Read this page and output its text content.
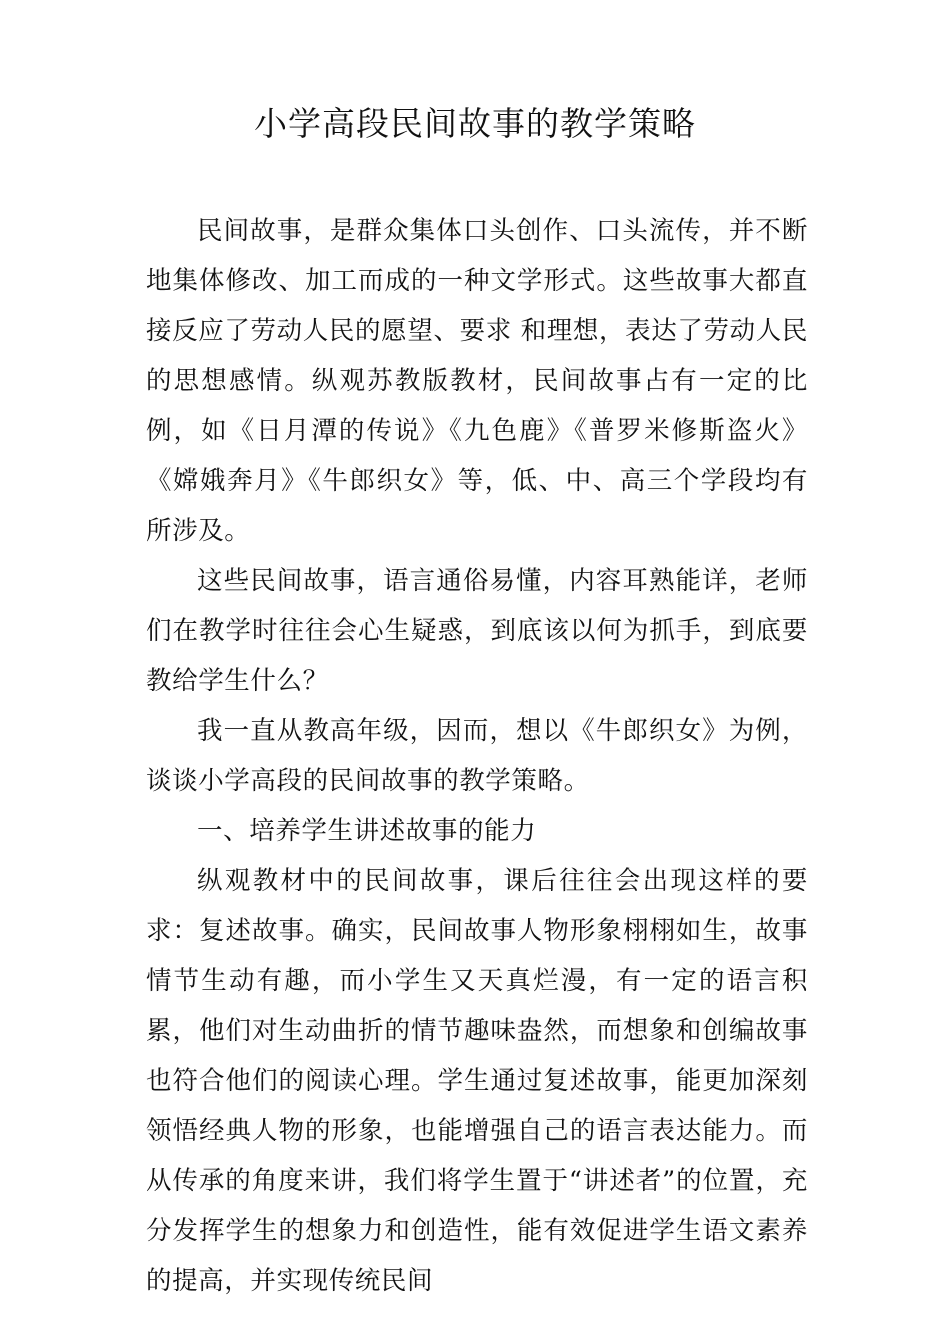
小学高段民间故事的教学策略

民间故事，是群众集体口头创作、口头流传，并不断地集体修改、加工而成的一种文学形式。这些故事大都直接反应了劳动人民的愿望、要求 和理想，表达了劳动人民的思想感情。纵观苏教版教材，民间故事占有一定的比例，如《日月潭的传说》《九色鹿》《普罗米修斯盗火》《嫦娥奔月》《牛郎织女》等，低、中、高三个学段均有所涉及。

这些民间故事，语言通俗易懂，内容耳熟能详，老师们在教学时往往会心生疑惑，到底该以何为抓手，到底要教给学生什么？

我一直从教高年级，因而，想以《牛郎织女》为例，谈谈小学高段的民间故事的教学策略。

一、培养学生讲述故事的能力

纵观教材中的民间故事，课后往往会出现这样的要求：复述故事。确实，民间故事人物形象栩栩如生，故事情节生动有趣，而小学生又天真烂漫，有一定的语言积累，他们对生动曲折的情节趣味盎然，而想象和创编故事也符合他们的阅读心理。学生通过复述故事，能更加深刻领悟经典人物的形象，也能增强自己的语言表达能力。而从传承的角度来讲，我们将学生置于“讲述者”的位置，充分发挥学生的想象力和创造性，能有效促进学生语文素养的提高，并实现传统民间
